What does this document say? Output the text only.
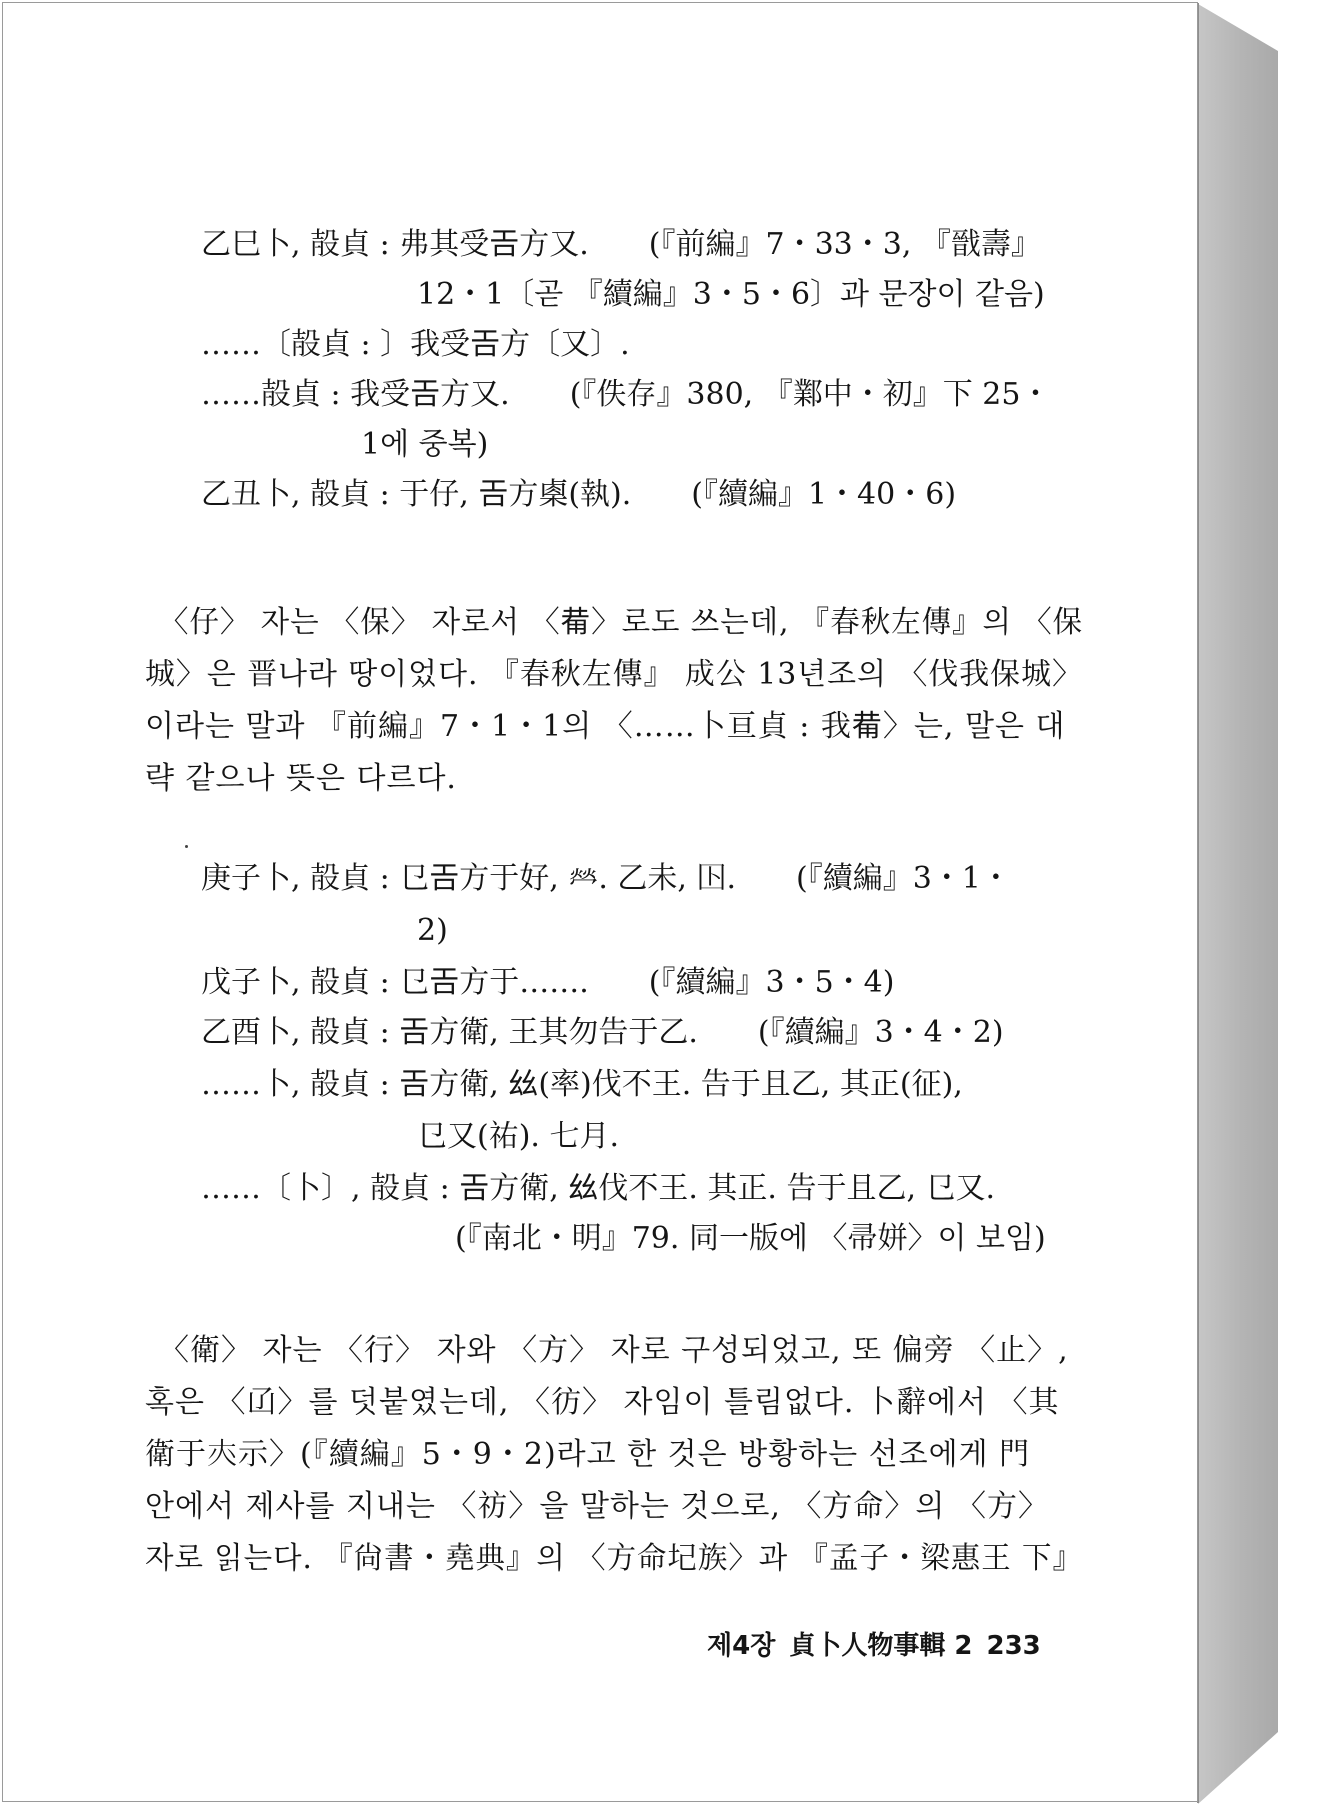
乙巳卜, 㱿貞 : 弗其受𢀛方又.　　(『前編』7・33・3, 『戩壽』
12・1〔곧 『續編』3・5・6〕과 문장이 같음)
……〔㱿貞 : 〕我受𢀛方〔又〕.
……㱿貞 : 我受𢀛方又.　　(『佚存』380, 『鄴中・初』下 25・
1에 중복)
乙丑卜, 㱿貞 : 于仔, 𢀛方㮚(執).　　(『續編』1・40・6)
〈仔〉 자는 〈保〉 자로서 〈𤰇〉로도 쓰는데, 『春秋左傳』의 〈保
城〉은 晋나라 땅이었다. 『春秋左傳』 成公 13년조의 〈伐我保城〉
이라는 말과 『前編』7・1・1의 〈……卜亘貞 : 我𤰇〉는, 말은 대
략 같으나 뜻은 다르다.
庚子卜, 㱿貞 : 㔾𢀛方于好, 𤇾. 乙未, 𡆥.　　(『續編』3・1・
2)
戊子卜, 㱿貞 : 㔾𢀛方于…….　　(『續編』3・5・4)
乙酉卜, 㱿貞 : 𢀛方衛, 王其勿告于乙.　　(『續編』3・4・2)
……卜, 㱿貞 : 𢀛方衛, 𢆶(率)伐不王. 告于且乙, 其正(征),
㔾又(祐). 七月.
……〔卜〕, 㱿貞 : 𢀛方衛, 𢆶伐不王. 其正. 告于且乙, 㔾又.
(『南北・明』79. 同一版에 〈帚姘〉이 보임)
〈衛〉 자는 〈行〉 자와 〈方〉 자로 구성되었고, 또 偏旁 〈止〉,
혹은 〈𠙶〉를 덧붙였는데, 〈彷〉 자임이 틀림없다. 卜辭에서 〈其
衛于𡗕示〉(『續編』5・9・2)라고 한 것은 방황하는 선조에게 門
안에서 제사를 지내는 〈祊〉을 말하는 것으로, 〈方命〉의 〈方〉
자로 읽는다. 『尙書・堯典』의 〈方命圮族〉과 『孟子・梁惠王 下』
제4장 貞卜人物事輯 2 233
